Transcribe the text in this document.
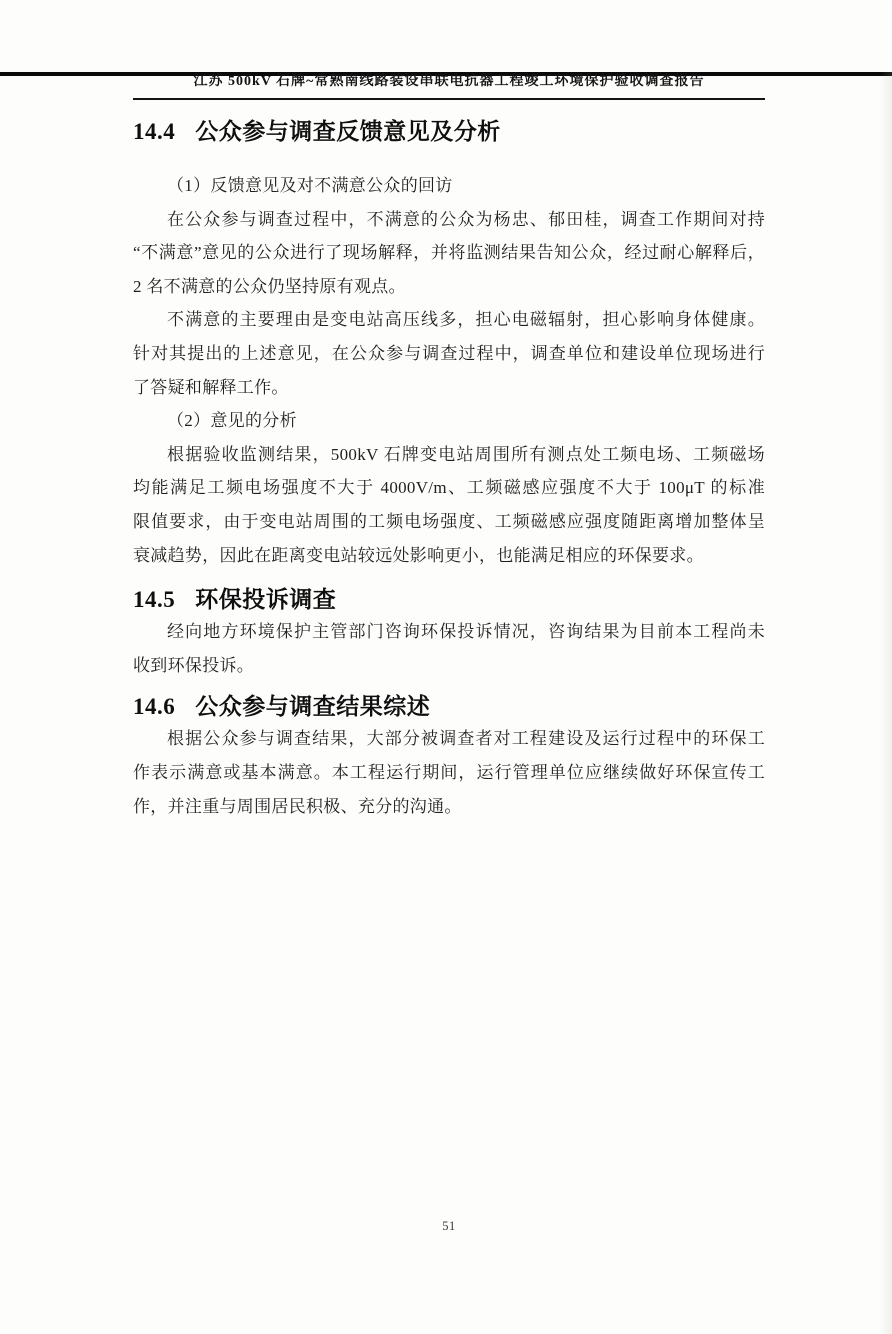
江苏 500kV 石牌~常熟南线路装设串联电抗器工程竣工环境保护验收调查报告
14.4 公众参与调查反馈意见及分析
（1）反馈意见及对不满意公众的回访
在公众参与调查过程中，不满意的公众为杨忠、郁田桂，调查工作期间对持
“不满意”意见的公众进行了现场解释，并将监测结果告知公众，经过耐心解释后，
2 名不满意的公众仍坚持原有观点。
不满意的主要理由是变电站高压线多，担心电磁辐射，担心影响身体健康。
针对其提出的上述意见，在公众参与调查过程中，调查单位和建设单位现场进行
了答疑和解释工作。
（2）意见的分析
根据验收监测结果，500kV 石牌变电站周围所有测点处工频电场、工频磁场
均能满足工频电场强度不大于 4000V/m、工频磁感应强度不大于 100μT 的标准
限值要求，由于变电站周围的工频电场强度、工频磁感应强度随距离增加整体呈
衰减趋势，因此在距离变电站较远处影响更小，也能满足相应的环保要求。
14.5 环保投诉调查
经向地方环境保护主管部门咨询环保投诉情况，咨询结果为目前本工程尚未
收到环保投诉。
14.6 公众参与调查结果综述
根据公众参与调查结果，大部分被调查者对工程建设及运行过程中的环保工
作表示满意或基本满意。本工程运行期间，运行管理单位应继续做好环保宣传工
作，并注重与周围居民积极、充分的沟通。
51
